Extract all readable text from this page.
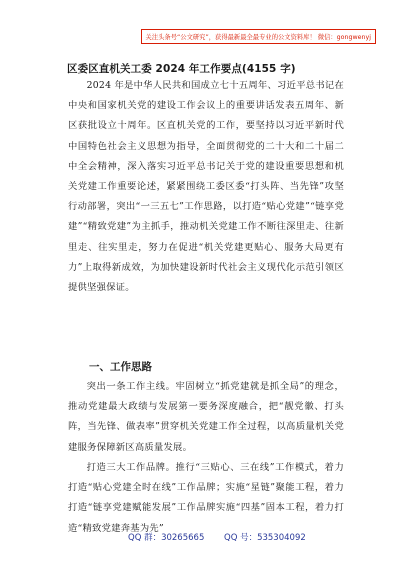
关注头条号“公文研究”，获得最新最全最专业的公文资料库！ 微信：gongwenyj
区委区直机关工委 2024 年工作要点(4155 字)

2024 年是中华人民共和国成立七十五周年、习近平总书记在中央和国家机关党的建设工作会议上的重要讲话发表五周年、新区获批设立十周年。区直机关党的工作，要坚持以习近平新时代中国特色社会主义思想为指导，全面贯彻党的二十大和二十届二中全会精神，深入落实习近平总书记关于党的建设重要思想和机关党建工作重要论述，紧紧围绕工委区委“打头阵、当先锋”攻坚行动部署，突出“一三五七”工作思路，以打造“贴心党建”“链享党建”“精致党建”为主抓手，推动机关党建工作不断往深里走、往新里走、往实里走，努力在促进“机关党建更贴心、服务大局更有力”上取得新成效，为加快建设新时代社会主义现代化示范引领区提供坚强保证。

一、工作思路

突出一条工作主线。牢固树立“抓党建就是抓全局”的理念，推动党建最大政绩与发展第一要务深度融合，把“靓党徽、打头阵，当先锋、做表率”贯穿机关党建工作全过程，以高质量机关党建服务保障新区高质量发展。

打造三大工作品牌。推行“三贴心、三在线”工作模式，着力打造“贴心党建全时在线”工作品牌；实施“星链”聚能工程，着力打造“链享党建赋能发展”工作品牌实施“四基”固本工程，着力打造“精致党建奔基为先”

QQ 群：30265665 QQ 号：535304092
